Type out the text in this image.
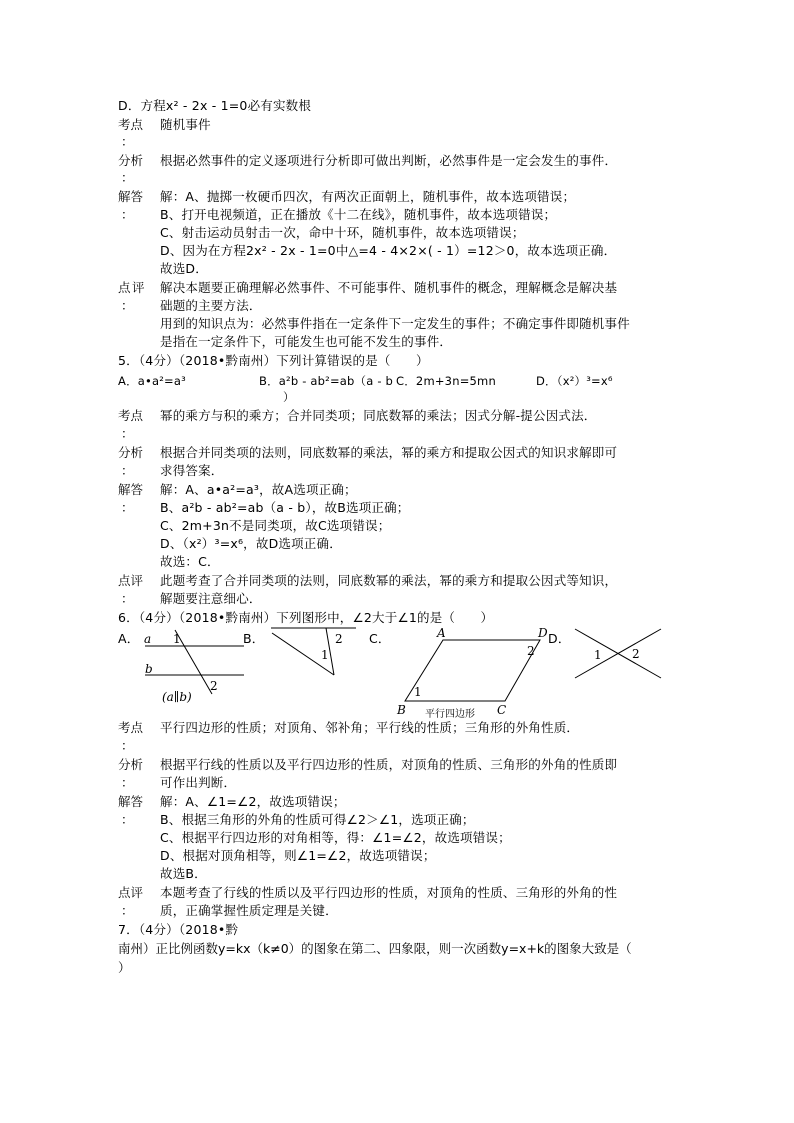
D．方程x² - 2x - 1=0必有实数根
考点 随机事件
：
分析 根据必然事件的定义逐项进行分析即可做出判断，必然事件是一定会发生的事件．
：
解答 解：A、抛掷一枚硬币四次，有两次正面朝上，随机事件，故本选项错误；
： B、打开电视频道，正在播放《十二在线》，随机事件，故本选项错误；
C、射击运动员射击一次，命中十环，随机事件，故本选项错误；
D、因为在方程2x² - 2x - 1=0中△=4 - 4×2×( - 1）=12＞0，故本选项正确．
故选D．
点 评 解决本题要正确理解必然事件、不可能事件、随机事件的概念，理解概念是解决基
： 础题的主要方法．
用到的知识点为：必然事件指在一定条件下一定发生的事件；不确定事件即随机事件
是指在一定条件下，可能发生也可能不发生的事件．
5．（4分）（2018•黔南州）下列计算错误的是（　　）
A．a•a²=a³	B．a²b - ab²=ab（a - b
）
C．2m+3n=5mn	D．（x²）³=x⁶
考点 幂的乘方与积的乘方；合并同类项；同底数幂的乘法；因式分解-提公因式法．
：
分析 根据合并同类项的法则，同底数幂的乘法，幂的乘方和提取公因式的知识求解即可
： 求得答案．
解答 解：A、a•a²=a³，故A选项正确；
： B、a²b - ab²=ab（a - b），故B选项正确；
C、2m+3n不是同类项，故C选项错误；
D、（x²）³=x⁶，故D选项正确．
故选：C．
点评 此题考查了合并同类项的法则，同底数幂的乘法，幂的乘方和提取公因式等知识，
： 解题要注意细心．
6．（4分）（2018•黔南州）下列图形中，∠2大于∠1的是（　　）
A．	B．	C．	D．
a
b
1
2
(a∥b)
2
1
A	D
B	C
1
2
平行四边形
1	2
考点 平行四边形的性质；对顶角、邻补角；平行线的性质；三角形的外角性质．
：
分析 根据平行线的性质以及平行四边形的性质，对顶角的性质、三角形的外角的性质即
： 可作出判断．
解答 解：A、∠1=∠2，故选项错误；
： B、根据三角形的外角的性质可得∠2＞∠1，选项正确；
C、根据平行四边形的对角相等，得：∠1=∠2，故选项错误；
D、根据对顶角相等，则∠1=∠2，故选项错误；
故选B．
点评 本题考查了行线的性质以及平行四边形的性质，对顶角的性质、三角形的外角的性
： 质，正确掌握性质定理是关键．
7．（4分）（2018•黔
南州）正比例函数y=kx（k≠0）的图象在第二、四象限，则一次函数y=x+k的图象大致是（
）
